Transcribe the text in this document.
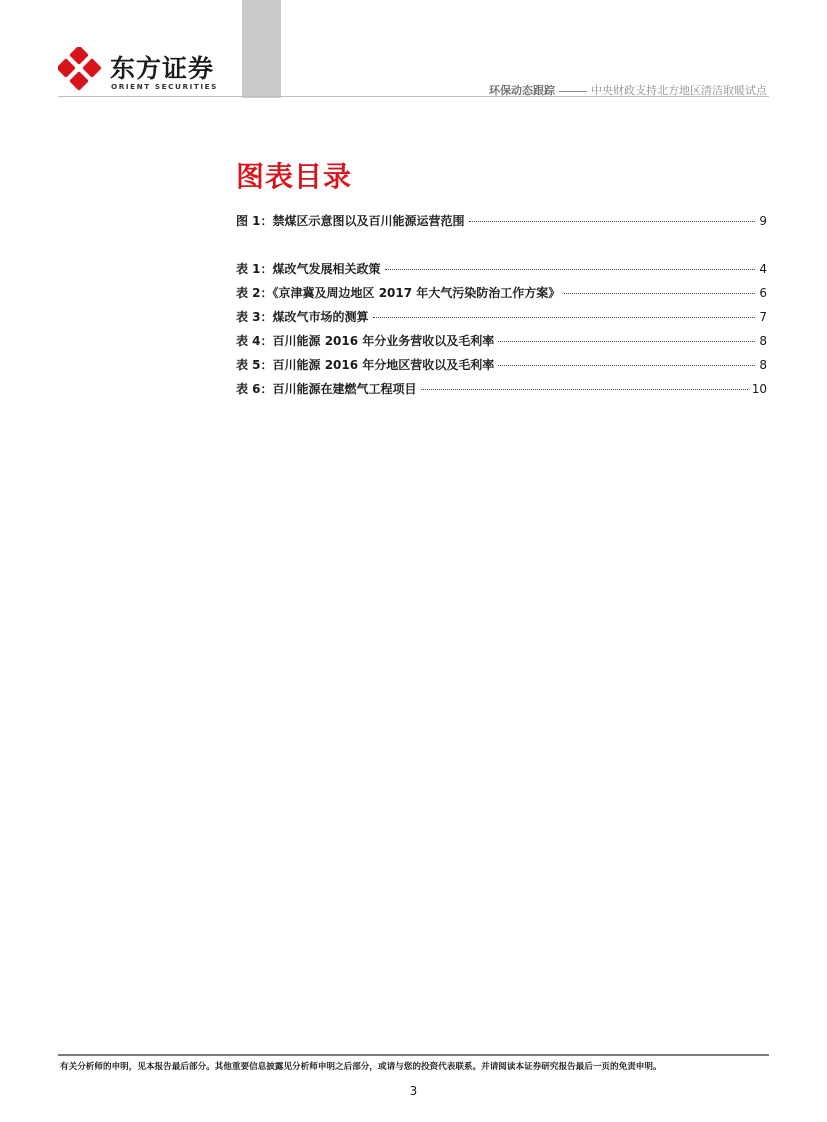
东方证券
ORIENT SECURITIES	环保动态跟踪	中央财政支持北方地区清洁取暖试点
图表目录
图 1：禁煤区示意图以及百川能源运营范围	9
表 1：煤改气发展相关政策	4
表 2：《京津冀及周边地区 2017 年大气污染防治工作方案》	6
表 3：煤改气市场的测算	7
表 4：百川能源 2016 年分业务营收以及毛利率	8
表 5：百川能源 2016 年分地区营收以及毛利率	8
表 6：百川能源在建燃气工程项目	10
有关分析师的申明，见本报告最后部分。其他重要信息披露见分析师申明之后部分，或请与您的投资代表联系。并请阅读本证券研究报告最后一页的免责申明。
3
